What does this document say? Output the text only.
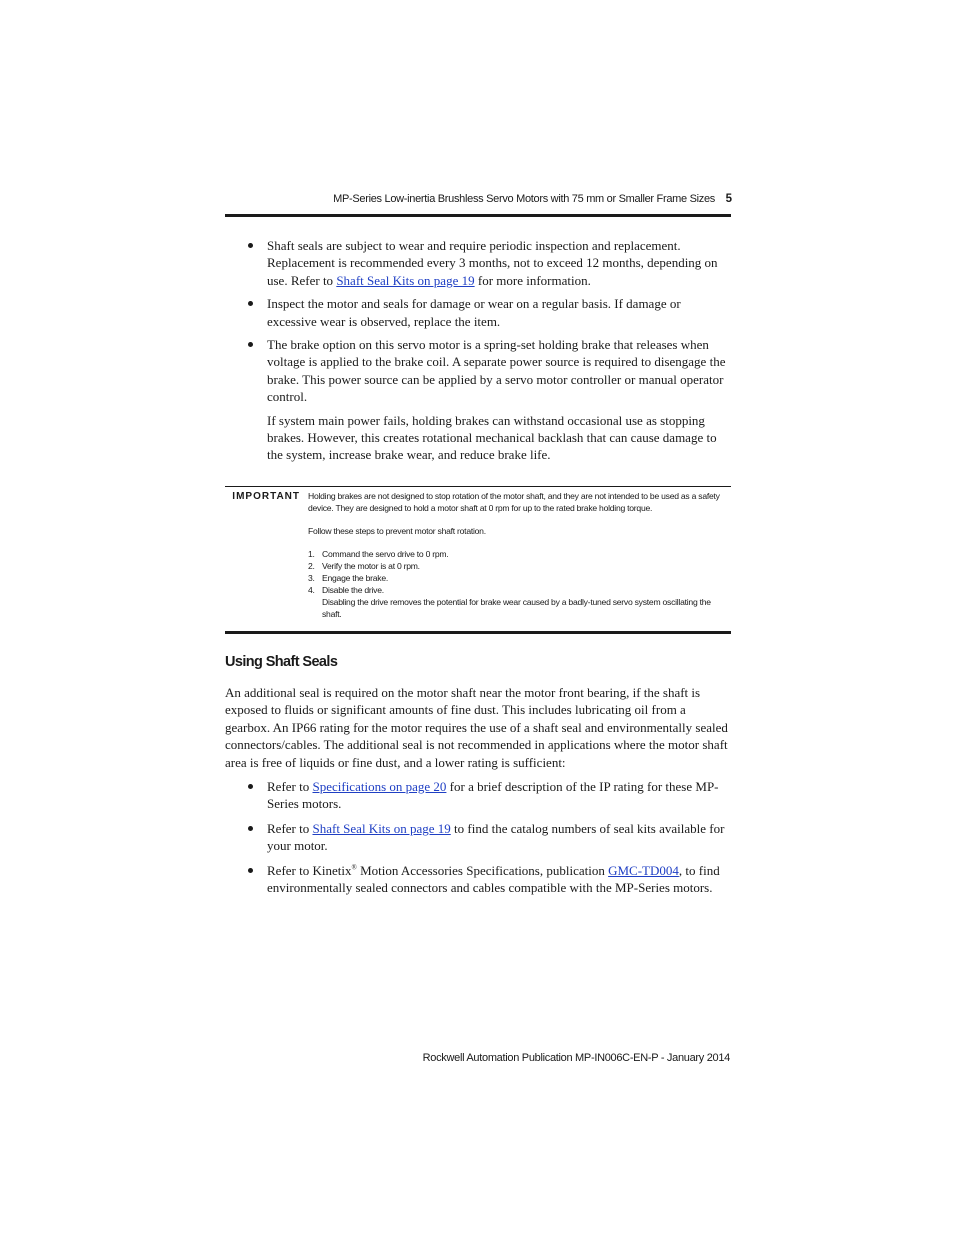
MP-Series Low-inertia Brushless Servo Motors with 75 mm or Smaller Frame Sizes 5

Shaft seals are subject to wear and require periodic inspection and replacement. Replacement is recommended every 3 months, not to exceed 12 months, depending on use. Refer to Shaft Seal Kits on page 19 for more information.

Inspect the motor and seals for damage or wear on a regular basis. If damage or excessive wear is observed, replace the item.

The brake option on this servo motor is a spring-set holding brake that releases when voltage is applied to the brake coil. A separate power source is required to disengage the brake. This power source can be applied by a servo motor controller or manual operator control.

If system main power fails, holding brakes can withstand occasional use as stopping brakes. However, this creates rotational mechanical backlash that can cause damage to the system, increase brake wear, and reduce brake life.

IMPORTANT Holding brakes are not designed to stop rotation of the motor shaft, and they are not intended to be used as a safety device. They are designed to hold a motor shaft at 0 rpm for up to the rated brake holding torque.

Follow these steps to prevent motor shaft rotation.

1. Command the servo drive to 0 rpm.
2. Verify the motor is at 0 rpm.
3. Engage the brake.
4. Disable the drive.

Disabling the drive removes the potential for brake wear caused by a badly-tuned servo system oscillating the shaft.

Using Shaft Seals

An additional seal is required on the motor shaft near the motor front bearing, if the shaft is exposed to fluids or significant amounts of fine dust. This includes lubricating oil from a gearbox. An IP66 rating for the motor requires the use of a shaft seal and environmentally sealed connectors/cables. The additional seal is not recommended in applications where the motor shaft area is free of liquids or fine dust, and a lower rating is sufficient:

Refer to Specifications on page 20 for a brief description of the IP rating for these MP-Series motors.

Refer to Shaft Seal Kits on page 19 to find the catalog numbers of seal kits available for your motor.

Refer to Kinetix® Motion Accessories Specifications, publication GMC-TD004, to find environmentally sealed connectors and cables compatible with the MP-Series motors.

Rockwell Automation Publication MP-IN006C-EN-P - January 2014
